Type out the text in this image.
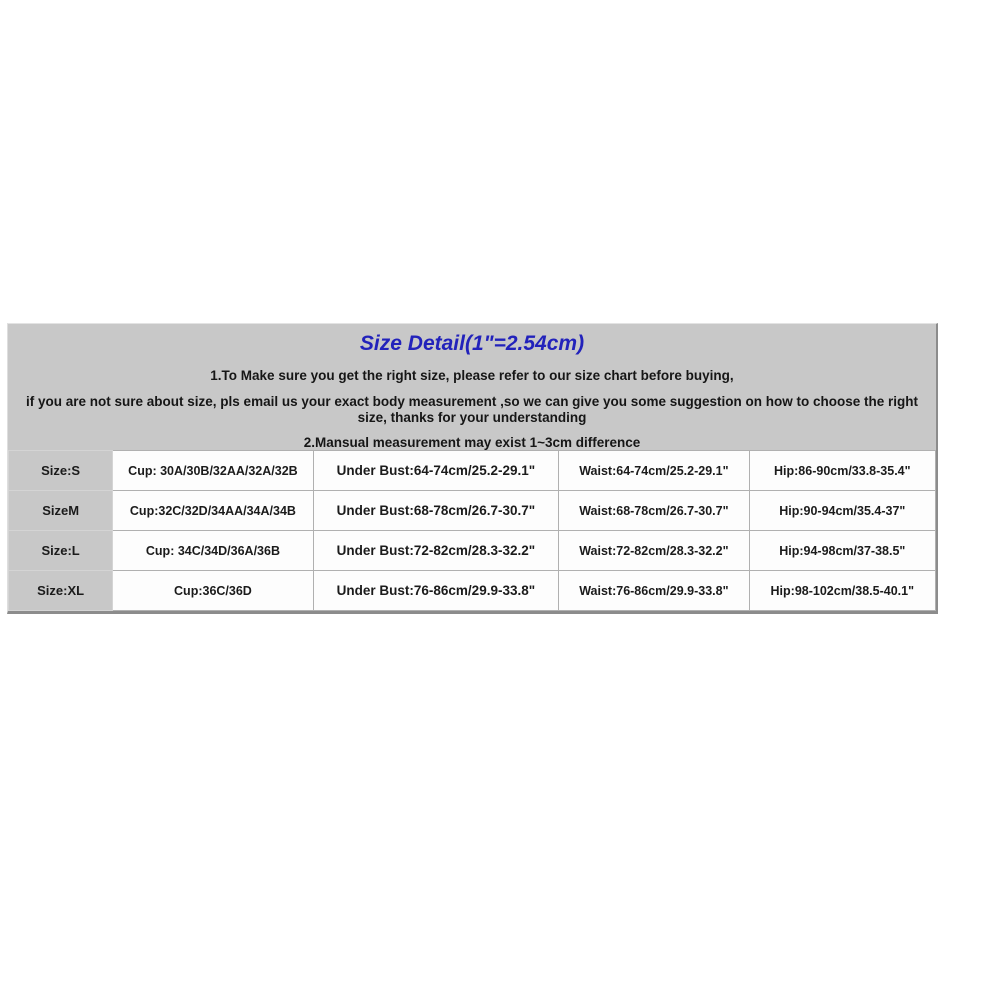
Size Detail(1"=2.54cm)
1.To Make sure you get the right size, please refer to our size chart before buying,
if you are not sure about size, pls email us your exact body measurement ,so we can give you some suggestion on how to choose the right size, thanks for your understanding
2.Mansual measurement may exist 1~3cm difference
Size:S	Cup: 30A/30B/32AA/32A/32B	Under Bust:64-74cm/25.2-29.1"	Waist:64-74cm/25.2-29.1"	Hip:86-90cm/33.8-35.4"
SizeM	Cup:32C/32D/34AA/34A/34B	Under Bust:68-78cm/26.7-30.7"	Waist:68-78cm/26.7-30.7"	Hip:90-94cm/35.4-37"
Size:L	Cup: 34C/34D/36A/36B	Under Bust:72-82cm/28.3-32.2"	Waist:72-82cm/28.3-32.2"	Hip:94-98cm/37-38.5"
Size:XL	Cup:36C/36D	Under Bust:76-86cm/29.9-33.8"	Waist:76-86cm/29.9-33.8"	Hip:98-102cm/38.5-40.1"
